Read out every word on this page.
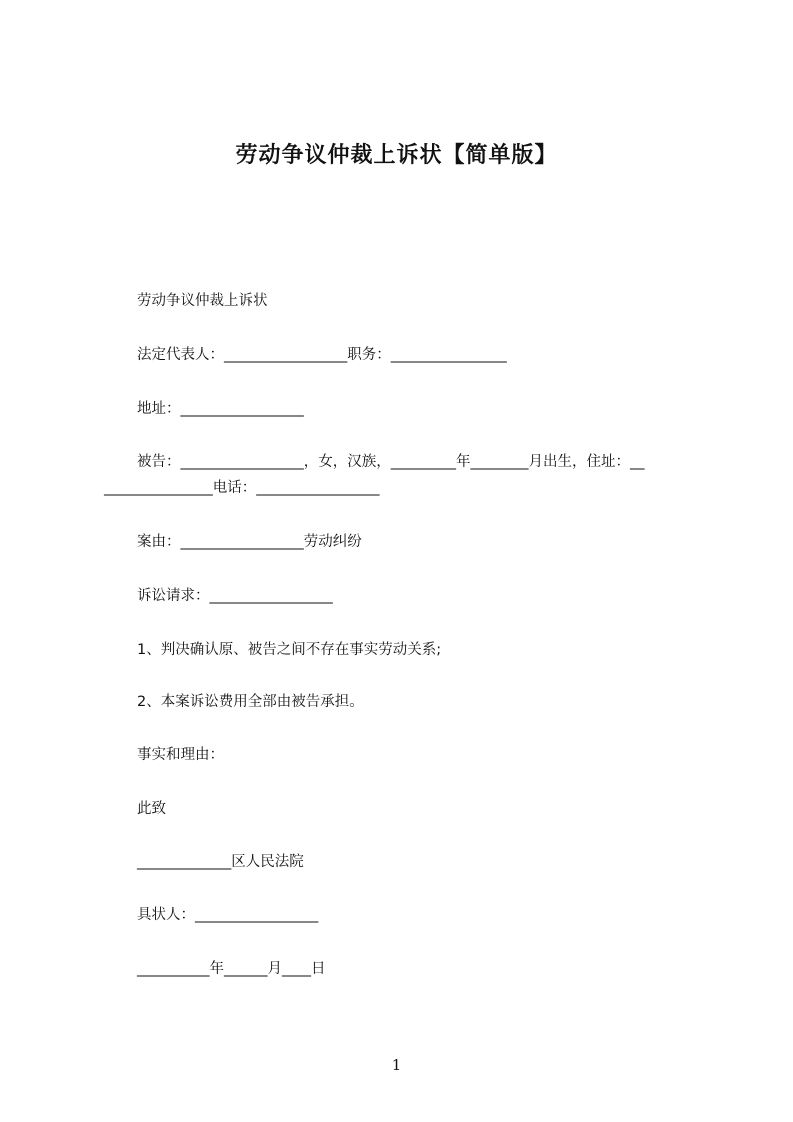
劳动争议仲裁上诉状【简单版】
劳动争议仲裁上诉状
法定代表人：_________________职务：________________
地址：_________________
被告：_________________，女，汉族，_________年________月出生，住址：__
_______________电话：_________________
案由：_________________劳动纠纷
诉讼请求：_________________
1、判决确认原、被告之间不存在事实劳动关系;
2、本案诉讼费用全部由被告承担。
事实和理由：
此致
_____________区人民法院
具状人：_________________
__________年______月____日
1
